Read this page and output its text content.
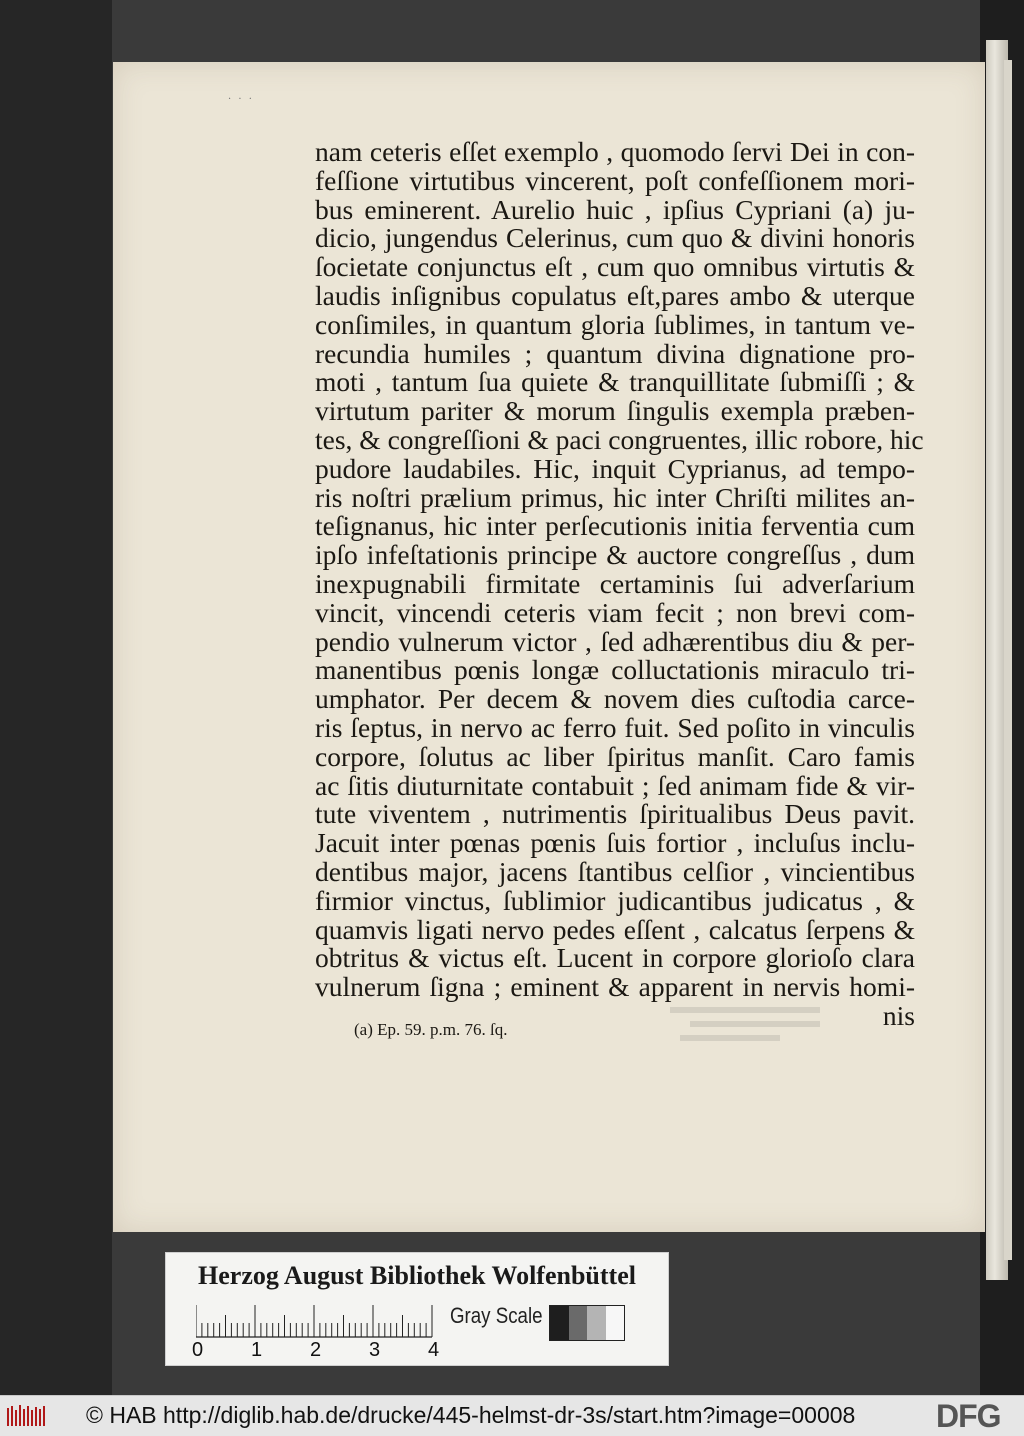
· · ·
nam ceteris eſſet exemplo , quomodo ſervi Dei in con-
feſſione virtutibus vincerent, poſt confeſſionem mori-
bus eminerent. Aurelio huic , ipſius Cypriani (a) ju-
dicio, jungendus Celerinus, cum quo & divini honoris
ſocietate conjunctus eſt , cum quo omnibus virtutis &
laudis inſignibus copulatus eſt,pares ambo & uterque
conſimiles, in quantum gloria ſublimes, in tantum ve-
recundia humiles ; quantum divina dignatione pro-
moti , tantum ſua quiete & tranquillitate ſubmiſſi ; &
virtutum pariter & morum ſingulis exempla præben-
tes, & congreſſioni & paci congruentes, illic robore, hic
pudore laudabiles. Hic, inquit Cyprianus, ad tempo-
ris noſtri prælium primus, hic inter Chriſti milites an-
teſignanus, hic inter perſecutionis initia ferventia cum
ipſo infeſtationis principe & auctore congreſſus , dum
inexpugnabili firmitate certaminis ſui adverſarium
vincit, vincendi ceteris viam fecit ; non brevi com-
pendio vulnerum victor , ſed adhærentibus diu & per-
manentibus pœnis longæ colluctationis miraculo tri-
umphator. Per decem & novem dies cuſtodia carce-
ris ſeptus, in nervo ac ferro fuit. Sed poſito in vinculis
corpore, ſolutus ac liber ſpiritus manſit. Caro famis
ac ſitis diuturnitate contabuit ; ſed animam fide & vir-
tute viventem , nutrimentis ſpiritualibus Deus pavit.
Jacuit inter pœnas pœnis ſuis fortior , incluſus inclu-
dentibus major, jacens ſtantibus celſior , vincientibus
firmior vinctus, ſublimior judicantibus judicatus , &
quamvis ligati nervo pedes eſſent , calcatus ſerpens &
obtritus & victus eſt. Lucent in corpore glorioſo clara
vulnerum ſigna ; eminent & apparent in nervis homi-
nis
(a) Ep. 59. p.m. 76. ſq.
Herzog August Bibliothek Wolfenbüttel
0 1 2 3 4
Gray Scale
© HAB http://diglib.hab.de/drucke/445-helmst-dr-3s/start.htm?image=00008	DFG
